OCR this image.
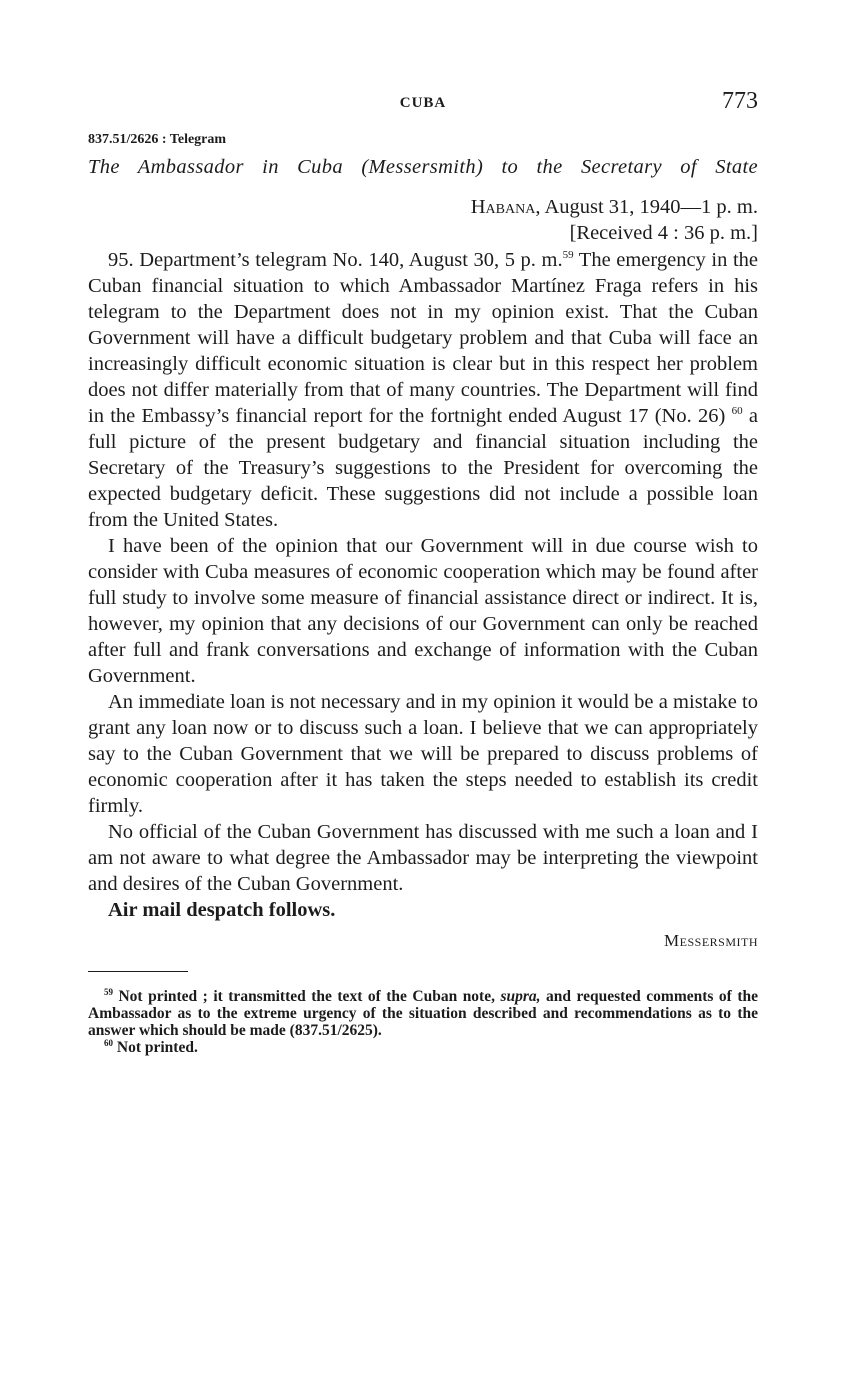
CUBA	773
837.51/2626 : Telegram
The Ambassador in Cuba (Messersmith) to the Secretary of State
Habana, August 31, 1940—1 p. m.
[Received 4 : 36 p. m.]

95. Department’s telegram No. 140, August 30, 5 p. m.$^{59}$ The emergency in the Cuban financial situation to which Ambassador Martínez Fraga refers in his telegram to the Department does not in my opinion exist. That the Cuban Government will have a difficult budgetary problem and that Cuba will face an increasingly difficult economic situation is clear but in this respect her problem does not differ materially from that of many countries. The Department will find in the Embassy’s financial report for the fortnight ended August 17 (No. 26) $^{60}$ a full picture of the present budgetary and financial situation including the Secretary of the Treasury’s suggestions to the President for overcoming the expected budgetary deficit. These suggestions did not include a possible loan from the United States.

I have been of the opinion that our Government will in due course wish to consider with Cuba measures of economic cooperation which may be found after full study to involve some measure of financial assistance direct or indirect. It is, however, my opinion that any decisions of our Government can only be reached after full and frank conversations and exchange of information with the Cuban Government.

An immediate loan is not necessary and in my opinion it would be a mistake to grant any loan now or to discuss such a loan. I believe that we can appropriately say to the Cuban Government that we will be prepared to discuss problems of economic cooperation after it has taken the steps needed to establish its credit firmly.

No official of the Cuban Government has discussed with me such a loan and I am not aware to what degree the Ambassador may be interpreting the viewpoint and desires of the Cuban Government.

Air mail despatch follows.

Messersmith

$^{59}$ Not printed ; it transmitted the text of the Cuban note, supra, and requested comments of the Ambassador as to the extreme urgency of the situation described and recommendations as to the answer which should be made (837.51/2625).

$^{60}$ Not printed.
